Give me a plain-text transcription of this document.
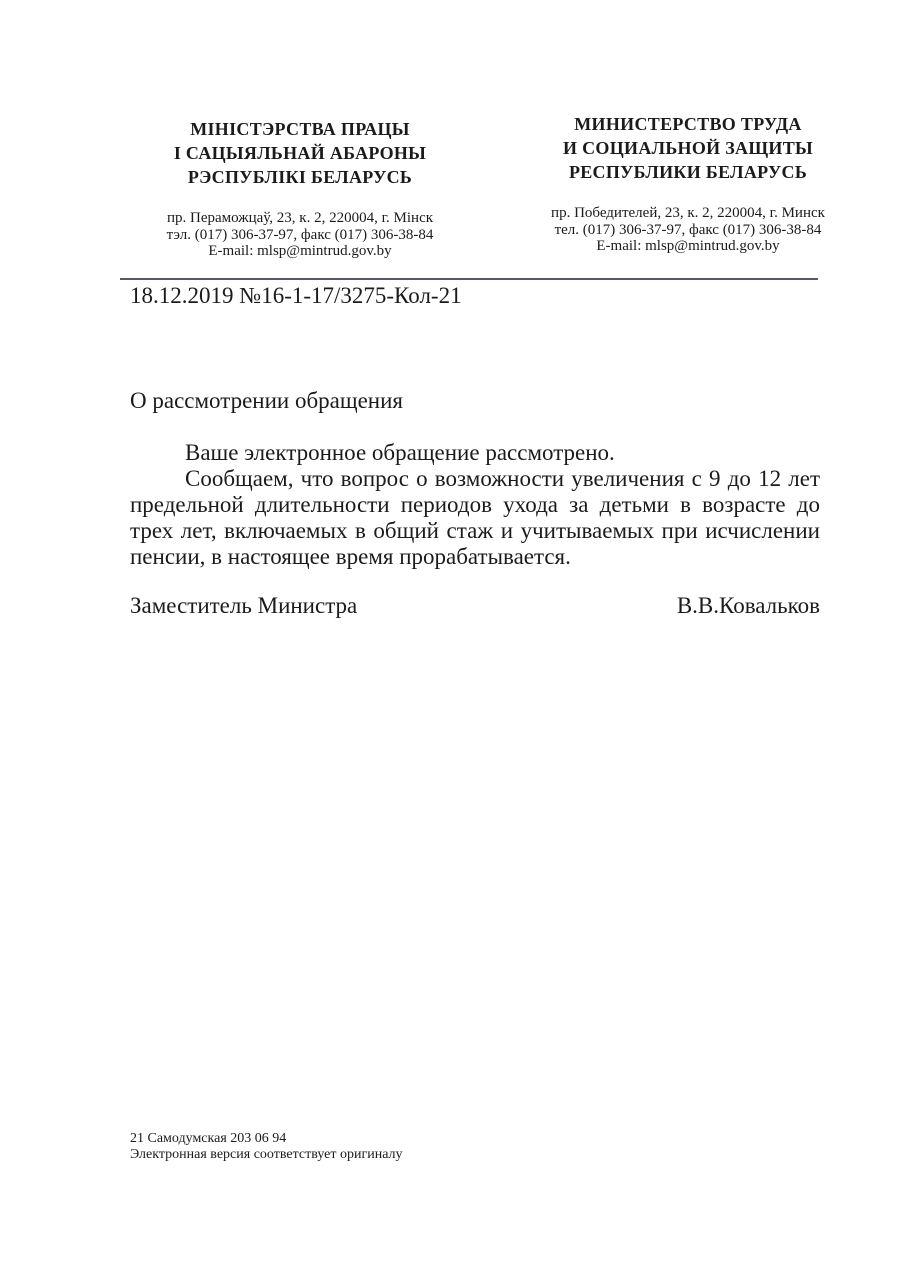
МІНІСТЭРСТВА ПРАЦЫ
І САЦЫЯЛЬНАЙ АБАРОНЫ
РЭСПУБЛІКІ БЕЛАРУСЬ
пр. Пераможцаў, 23, к. 2, 220004, г. Мінск
тэл. (017) 306-37-97, факс (017) 306-38-84
E-mail: mlsp@mintrud.gov.by
МИНИСТЕРСТВО ТРУДА
И СОЦИАЛЬНОЙ ЗАЩИТЫ
РЕСПУБЛИКИ БЕЛАРУСЬ
пр. Победителей, 23, к. 2, 220004, г. Минск
тел. (017) 306-37-97, факс (017) 306-38-84
E-mail: mlsp@mintrud.gov.by
18.12.2019 №16-1-17/3275-Кол-21
О рассмотрении обращения

Ваше электронное обращение рассмотрено.

Сообщаем, что вопрос о возможности увеличения с 9 до 12 лет предельной длительности периодов ухода за детьми в возрасте до трех лет, включаемых в общий стаж и учитываемых при исчислении пенсии, в настоящее время прорабатывается.

Заместитель Министра	В.В.Ковальков
21 Самодумская 203 06 94
Электронная версия соответствует оригиналу
